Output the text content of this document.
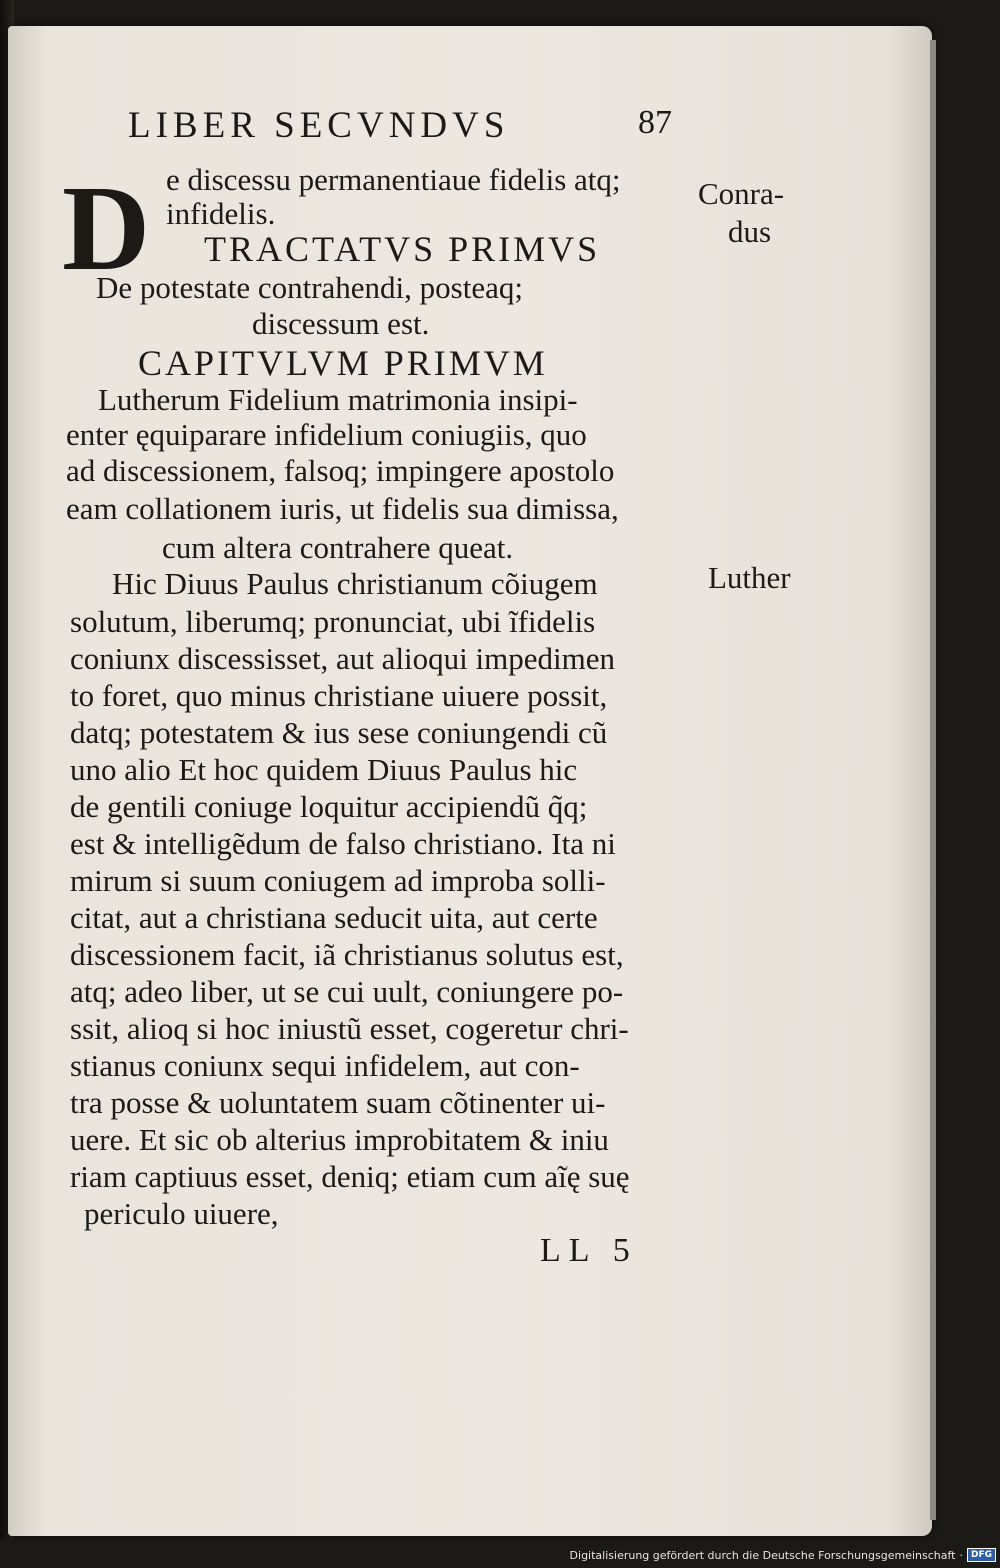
LIBER SECVNDVS	87
D e discessu permanentiaue fidelis atq;
infidelis.
TRACTATVS PRIMVS
De potestate contrahendi, posteaq;
discessum est.
CAPITVLVM PRIMVM
Lutherum Fidelium matrimonia insipi-
enter ęquiparare infidelium coniugiis, quo
ad discessionem, falsoq; impingere apostolo
eam collationem iuris, ut fidelis sua dimissa,
cum altera contrahere queat.
Hic Diuus Paulus christianum cõiugem
solutum, liberumq; pronunciat, ubi ĩfidelis
coniunx discessisset, aut alioqui impedimen
to foret, quo minus christiane uiuere possit,
datq; potestatem & ius sese coniungendi cũ
uno alio Et hoc quidem Diuus Paulus hic
de gentili coniuge loquitur accipiendũ q̃q;
est & intelligẽdum de falso christiano. Ita ni
mirum si suum coniugem ad improba solli-
citat, aut a christiana seducit uita, aut certe
discessionem facit, iã christianus solutus est,
atq; adeo liber, ut se cui uult, coniungere po-
ssit, alioq si hoc iniustũ esset, cogeretur chri-
stianus coniunx sequi infidelem, aut con-
tra posse & uoluntatem suam cõtinenter ui-
uere. Et sic ob alterius improbitatem & iniu
riam captiuus esset, deniq; etiam cum aĩę suę
periculo uiuere,
LL 5
Conra-
dus
Luther
Digitalisierung gefördert durch die Deutsche Forschungsgemeinschaft · DFG
